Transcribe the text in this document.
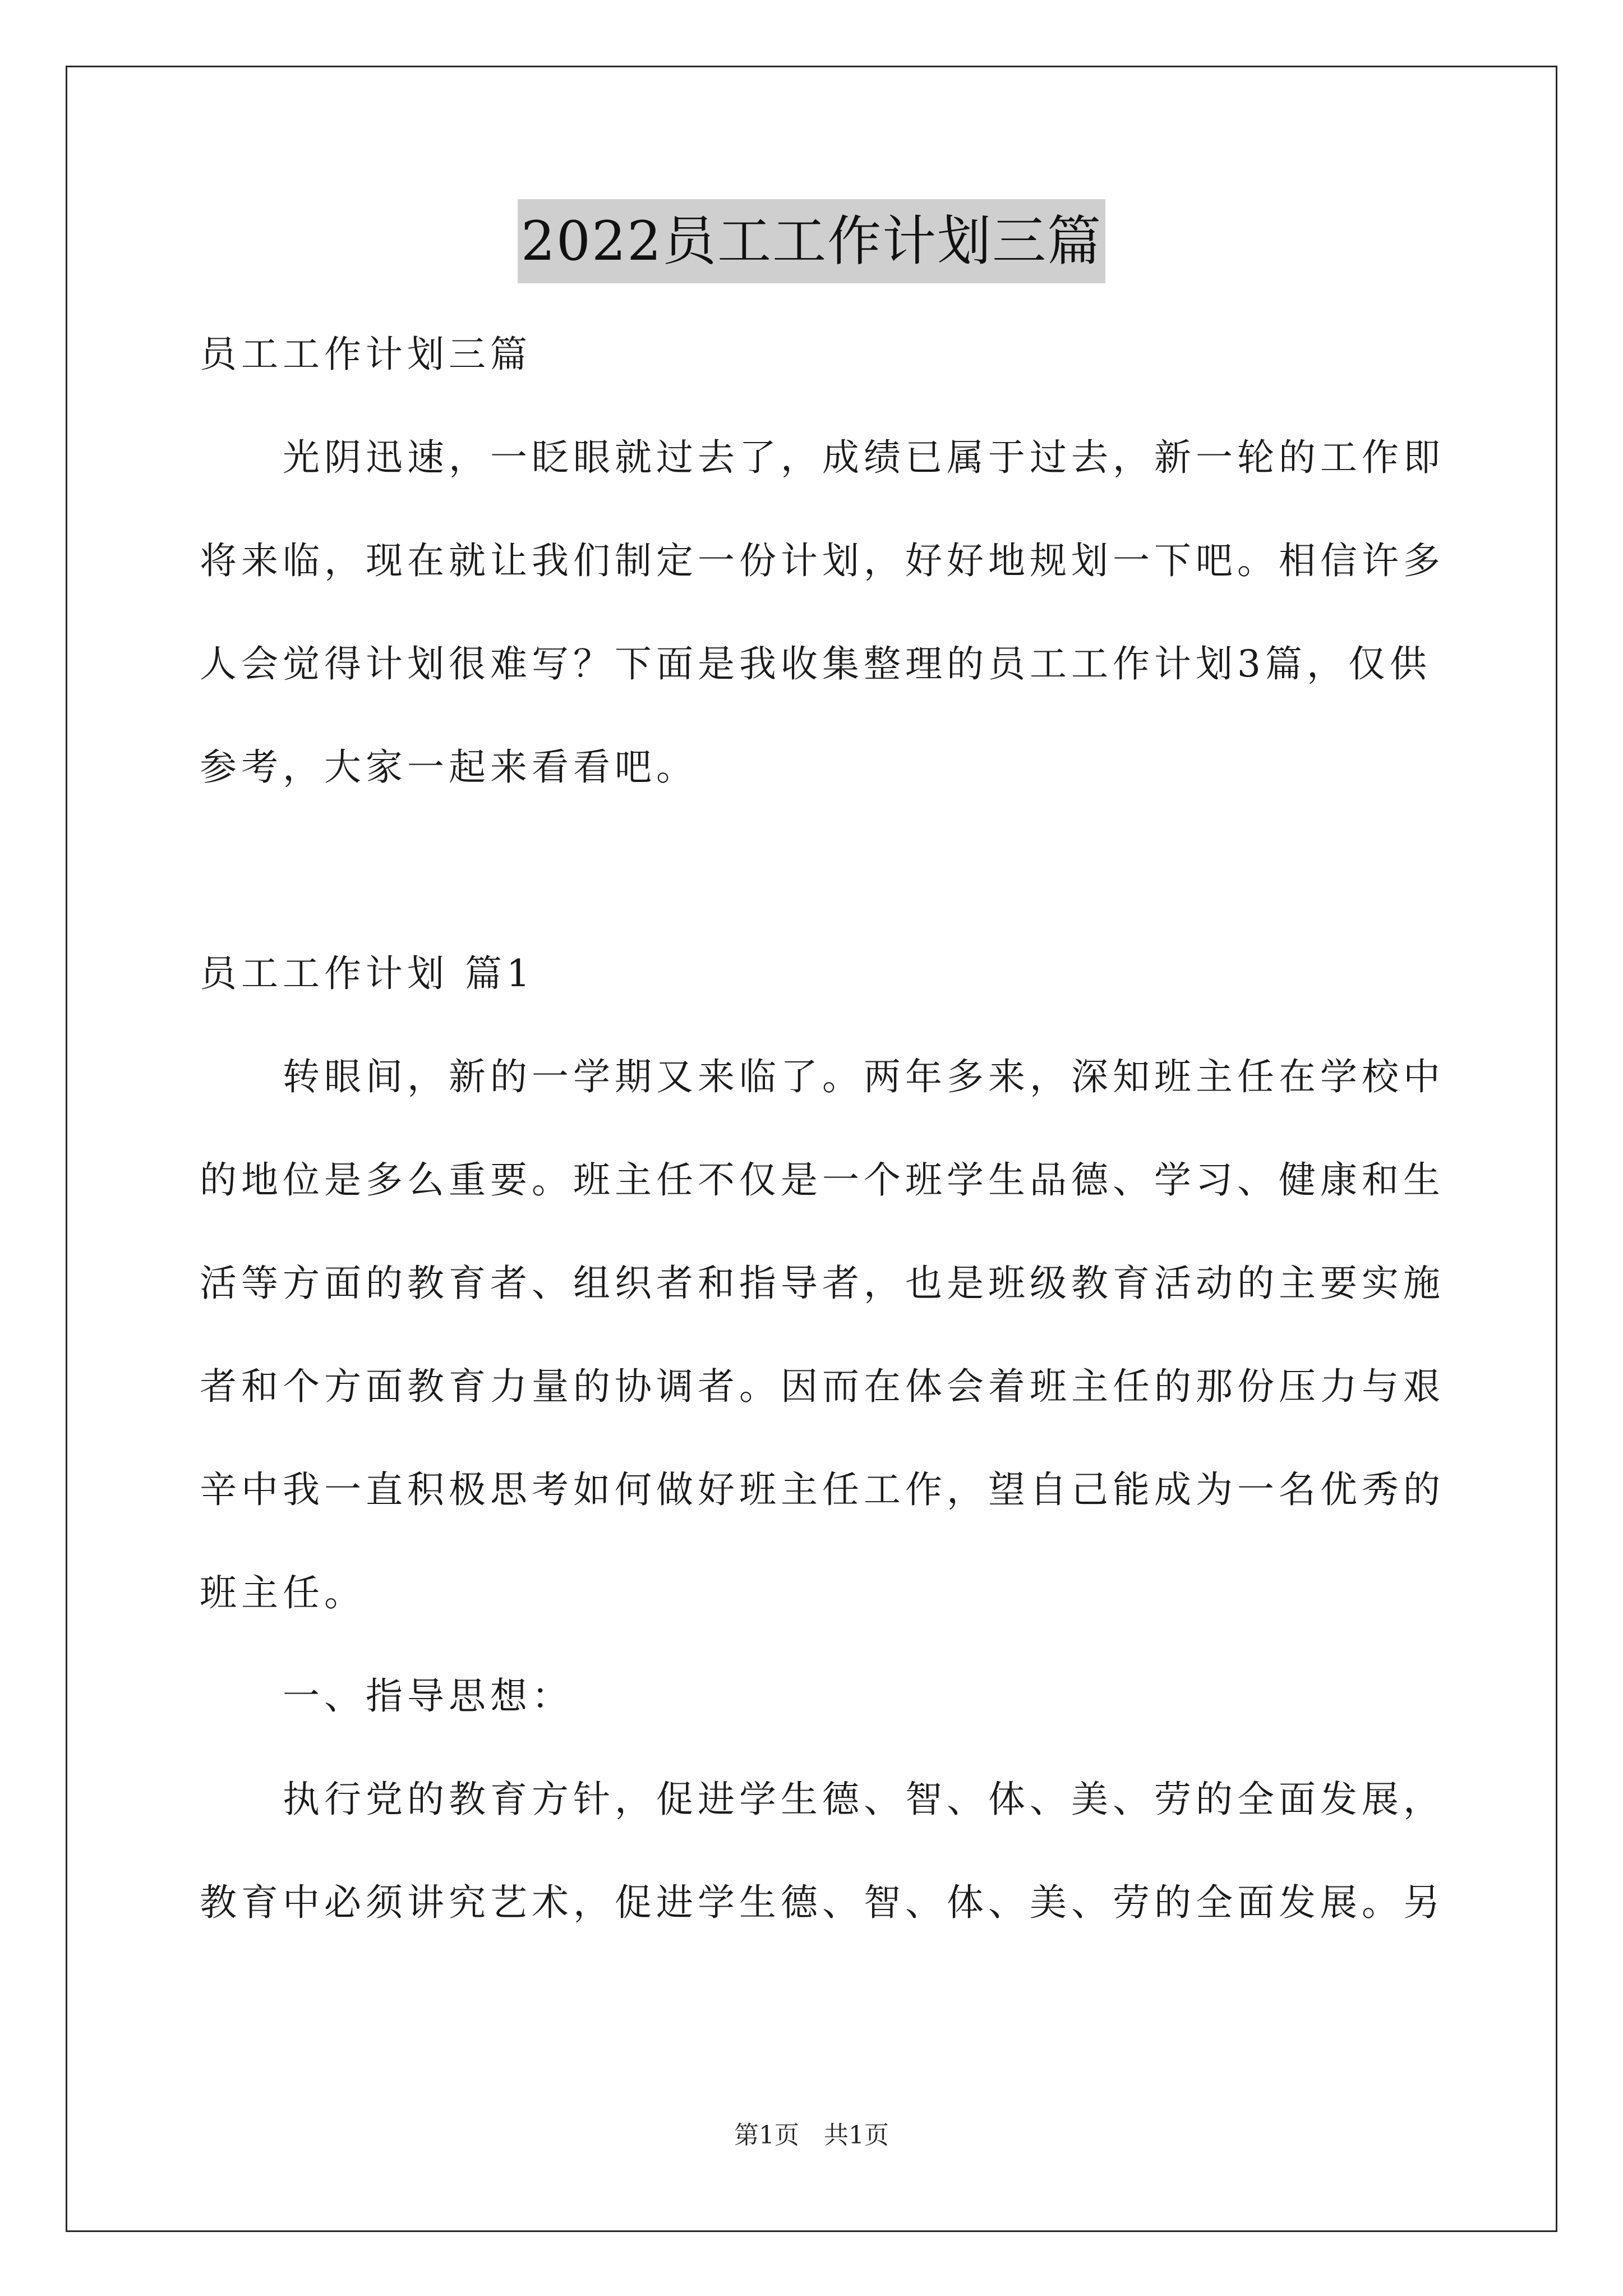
2022员工工作计划三篇
员工工作计划三篇
光阴迅速，一眨眼就过去了，成绩已属于过去，新一轮的工作即
将来临，现在就让我们制定一份计划，好好地规划一下吧。相信许多
人会觉得计划很难写？下面是我收集整理的员工工作计划3篇，仅供
参考，大家一起来看看吧。
员工工作计划 篇1
转眼间，新的一学期又来临了。两年多来，深知班主任在学校中
的地位是多么重要。班主任不仅是一个班学生品德、学习、健康和生
活等方面的教育者、组织者和指导者，也是班级教育活动的主要实施
者和个方面教育力量的协调者。因而在体会着班主任的那份压力与艰
辛中我一直积极思考如何做好班主任工作，望自己能成为一名优秀的
班主任。
一、指导思想：
执行党的教育方针，促进学生德、智、体、美、劳的全面发展，
教育中必须讲究艺术，促进学生德、智、体、美、劳的全面发展。另
第1页 共1页
